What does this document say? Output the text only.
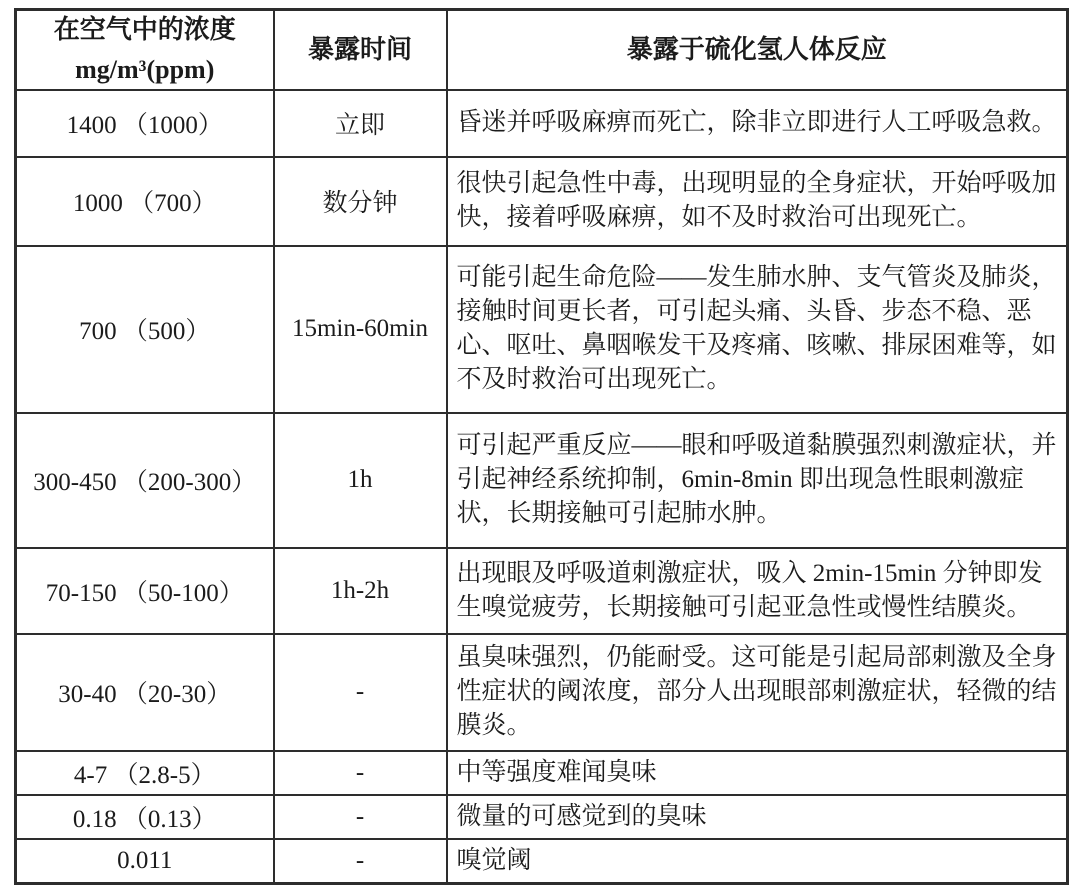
在空气中的浓度
mg/m³(ppm)	暴露时间	暴露于硫化氢人体反应
1400 （1000）	立即	昏迷并呼吸麻痹而死亡，除非立即进行人工呼吸急救。
1000 （700）	数分钟	很快引起急性中毒，出现明显的全身症状，开始呼吸加快，接着呼吸麻痹，如不及时救治可出现死亡。
700 （500）	15min-60min	可能引起生命危险——发生肺水肿、支气管炎及肺炎，接触时间更长者，可引起头痛、头昏、步态不稳、恶心、呕吐、鼻咽喉发干及疼痛、咳嗽、排尿困难等，如不及时救治可出现死亡。
300-450 （200-300）	1h	可引起严重反应——眼和呼吸道黏膜强烈刺激症状，并引起神经系统抑制，6min-8min 即出现急性眼刺激症状，长期接触可引起肺水肿。
70-150 （50-100）	1h-2h	出现眼及呼吸道刺激症状，吸入 2min-15min 分钟即发生嗅觉疲劳，长期接触可引起亚急性或慢性结膜炎。
30-40 （20-30）	-	虽臭味强烈，仍能耐受。这可能是引起局部刺激及全身性症状的阈浓度，部分人出现眼部刺激症状，轻微的结膜炎。
4-7 （2.8-5）	-	中等强度难闻臭味
0.18 （0.13）	-	微量的可感觉到的臭味
0.011	-	嗅觉阈
